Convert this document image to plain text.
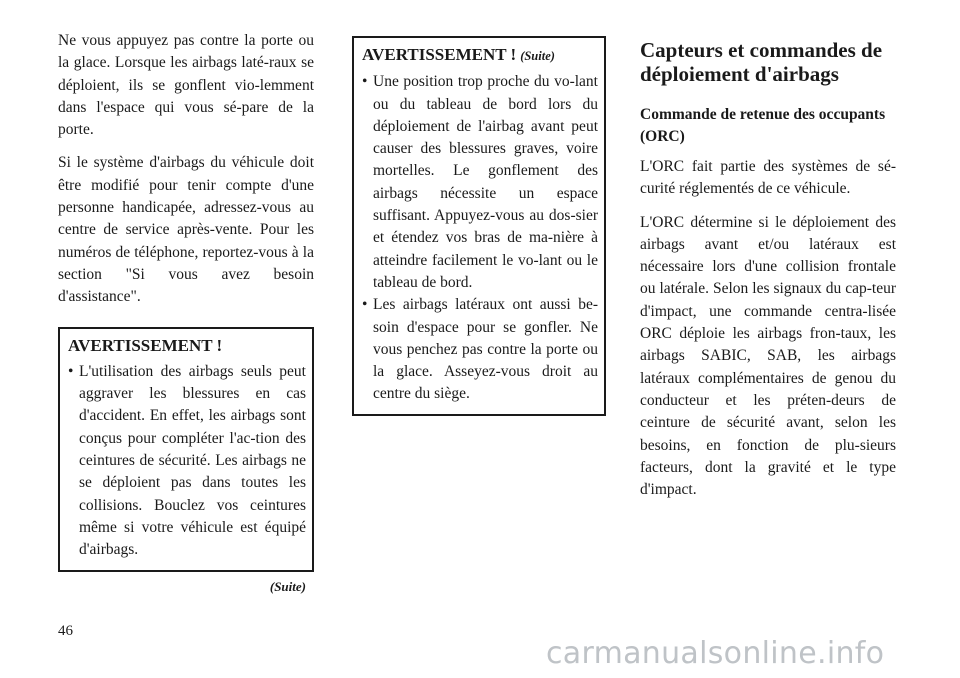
Ne vous appuyez pas contre la porte ou la glace. Lorsque les airbags laté-raux se déploient, ils se gonflent vio-lemment dans l'espace qui vous sé-pare de la porte.

Si le système d'airbags du véhicule doit être modifié pour tenir compte d'une personne handicapée, adressez-vous au centre de service après-vente. Pour les numéros de téléphone, reportez-vous à la section "Si vous avez besoin d'assistance".

AVERTISSEMENT !
• L'utilisation des airbags seuls peut aggraver les blessures en cas d'accident. En effet, les airbags sont conçus pour compléter l'ac-tion des ceintures de sécurité. Les airbags ne se déploient pas dans toutes les collisions. Bouclez vos ceintures même si votre véhicule est équipé d'airbags.
(Suite)
AVERTISSEMENT ! (Suite)
• Une position trop proche du vo-lant ou du tableau de bord lors du déploiement de l'airbag avant peut causer des blessures graves, voire mortelles. Le gonflement des airbags nécessite un espace suffisant. Appuyez-vous au dos-sier et étendez vos bras de ma-nière à atteindre facilement le vo-lant ou le tableau de bord.
• Les airbags latéraux ont aussi be-soin d'espace pour se gonfler. Ne vous penchez pas contre la porte ou la glace. Asseyez-vous droit au centre du siège.
Capteurs et commandes de déploiement d'airbags
Commande de retenue des occupants (ORC)

L'ORC fait partie des systèmes de sé-curité réglementés de ce véhicule.

L'ORC détermine si le déploiement des airbags avant et/ou latéraux est nécessaire lors d'une collision frontale ou latérale. Selon les signaux du cap-teur d'impact, une commande centra-lisée ORC déploie les airbags fron-taux, les airbags SABIC, SAB, les airbags latéraux complémentaires de genou du conducteur et les préten-deurs de ceinture de sécurité avant, selon les besoins, en fonction de plu-sieurs facteurs, dont la gravité et le type d'impact.

46
carmanualsonline.info
